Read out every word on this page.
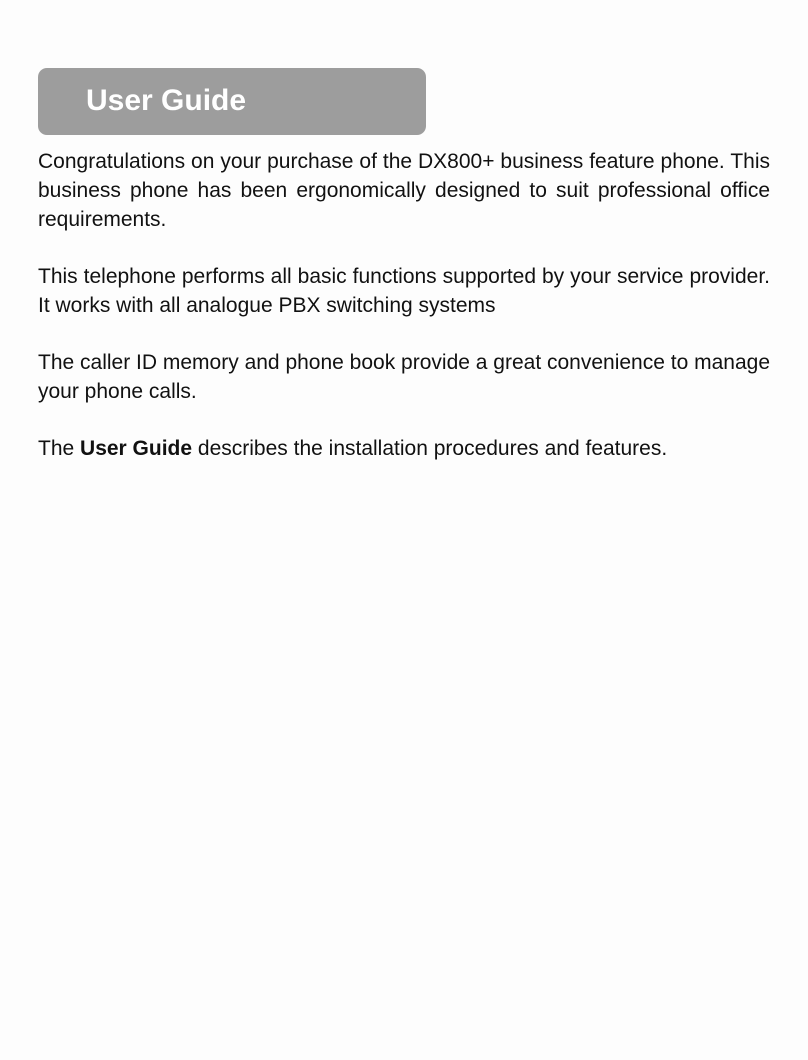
User Guide

Congratulations on your purchase of the DX800+ business feature phone. This business phone has been ergonomically designed to suit professional office requirements.

This telephone performs all basic functions supported by your service provider. It works with all analogue PBX switching systems

The caller ID memory and phone book provide a great convenience to manage your phone calls.

The User Guide describes the installation procedures and features.
